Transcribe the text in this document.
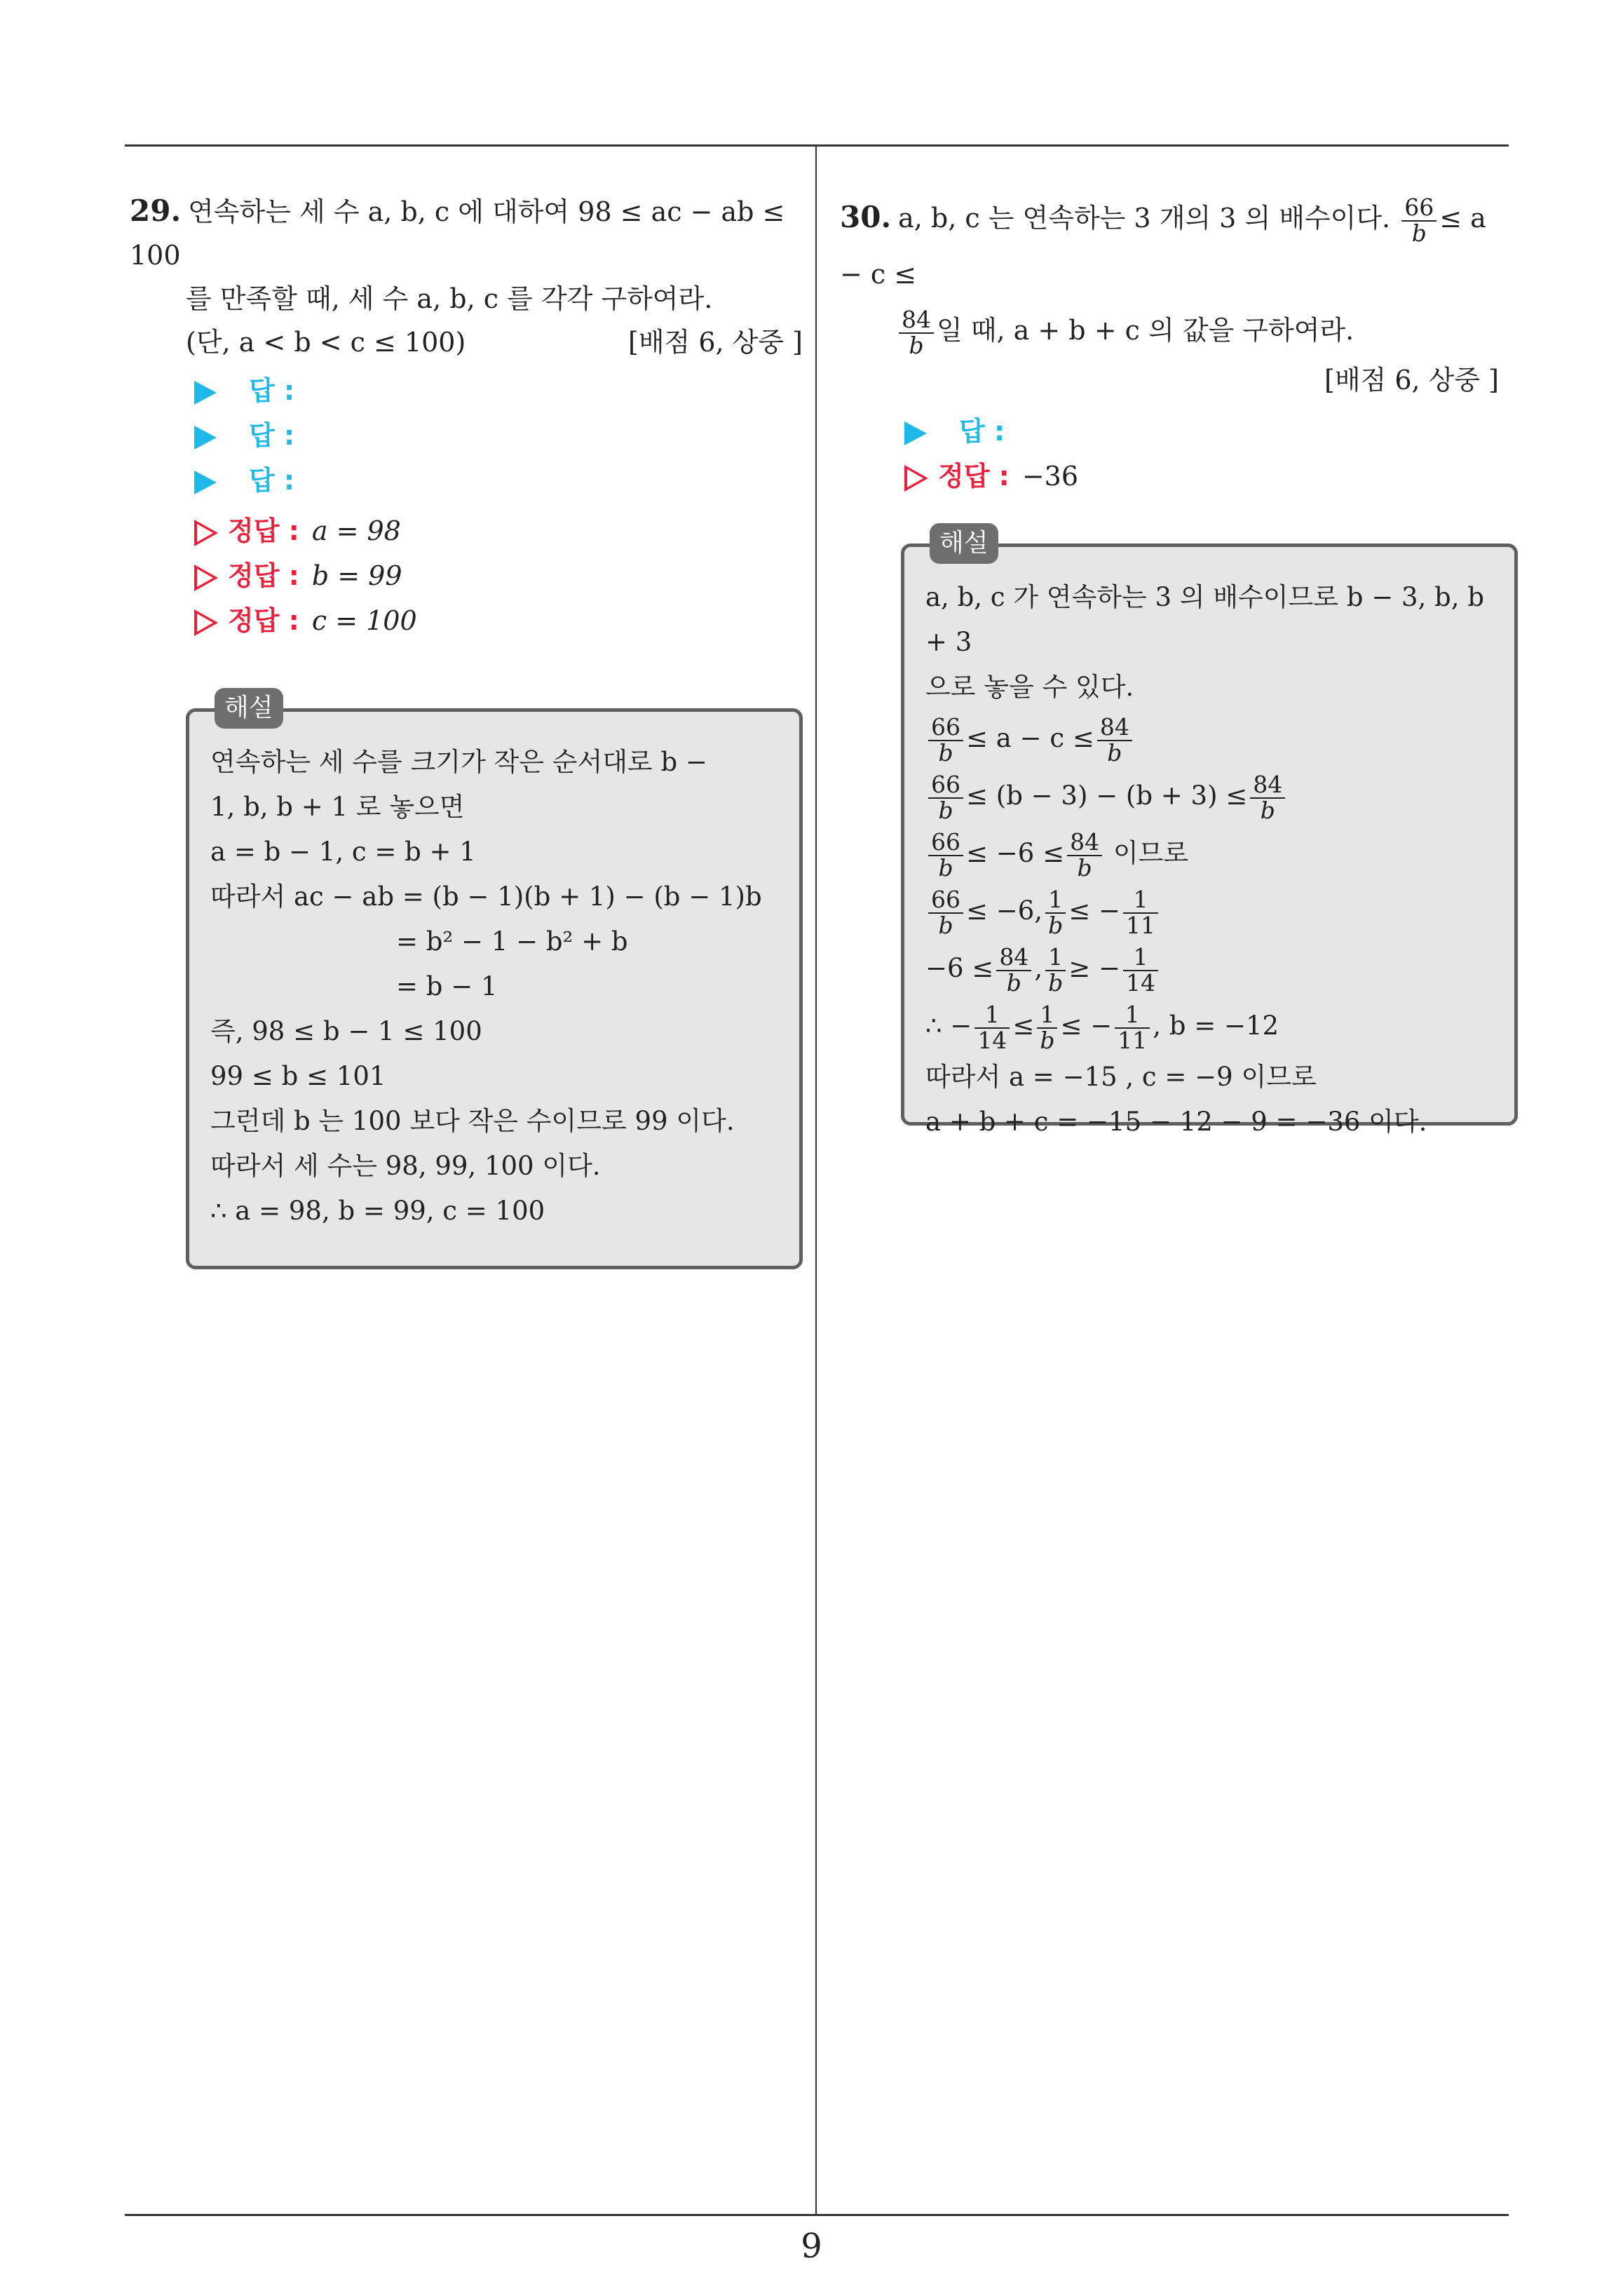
29. 연속하는 세 수 a, b, c 에 대하여 98 ≤ ac − ab ≤ 100
를 만족할 때, 세 수 a, b, c 를 각각 구하여라.
(단, a < b < c ≤ 100)	[배점 6, 상중 ]
답 :
답 :
답 :
정답 : a = 98
정답 : b = 99
정답 : c = 100
해설
연속하는 세 수를 크기가 작은 순서대로 b −
1, b, b + 1 로 놓으면
a = b − 1, c = b + 1
따라서 ac − ab = (b − 1)(b + 1) − (b − 1)b
= b² − 1 − b² + b
= b − 1
즉, 98 ≤ b − 1 ≤ 100
99 ≤ b ≤ 101
그런데 b 는 100 보다 작은 수이므로 99 이다.
따라서 세 수는 98, 99, 100 이다.
∴ a = 98, b = 99, c = 100
30. a, b, c 는 연속하는 3 개의 3 의 배수이다. $\frac{66}{b} \le a - c$ ≤
$\frac{84}{b}$ 일 때, a + b + c 의 값을 구하여라.
[배점 6, 상중 ]
답 :
정답 : −36
해설
a, b, c 가 연속하는 3 의 배수이므로 b − 3, b, b + 3
으로 놓을 수 있다.
$\frac{66}{b} \le a - c \le \frac{84}{b}$
$\frac{66}{b} \le (b - 3) - (b + 3) \le \frac{84}{b}$
$\frac{66}{b} \le -6 \le \frac{84}{b}$ 이므로
$\frac{66}{b} \le -6$, $\frac{1}{b}$ ≤ − $\frac{1}{11}$
$-6 \le \frac{84}{b}$ , $\frac{1}{b}$ ≥ − $\frac{1}{14}$
∴ − $\frac{1}{14} \le \frac{1}{b}$ ≤ − $\frac{1}{11}$ , b = −12
따라서 a = −15 , c = −9 이므로
a + b + c = −15 − 12 − 9 = −36 이다.
9
